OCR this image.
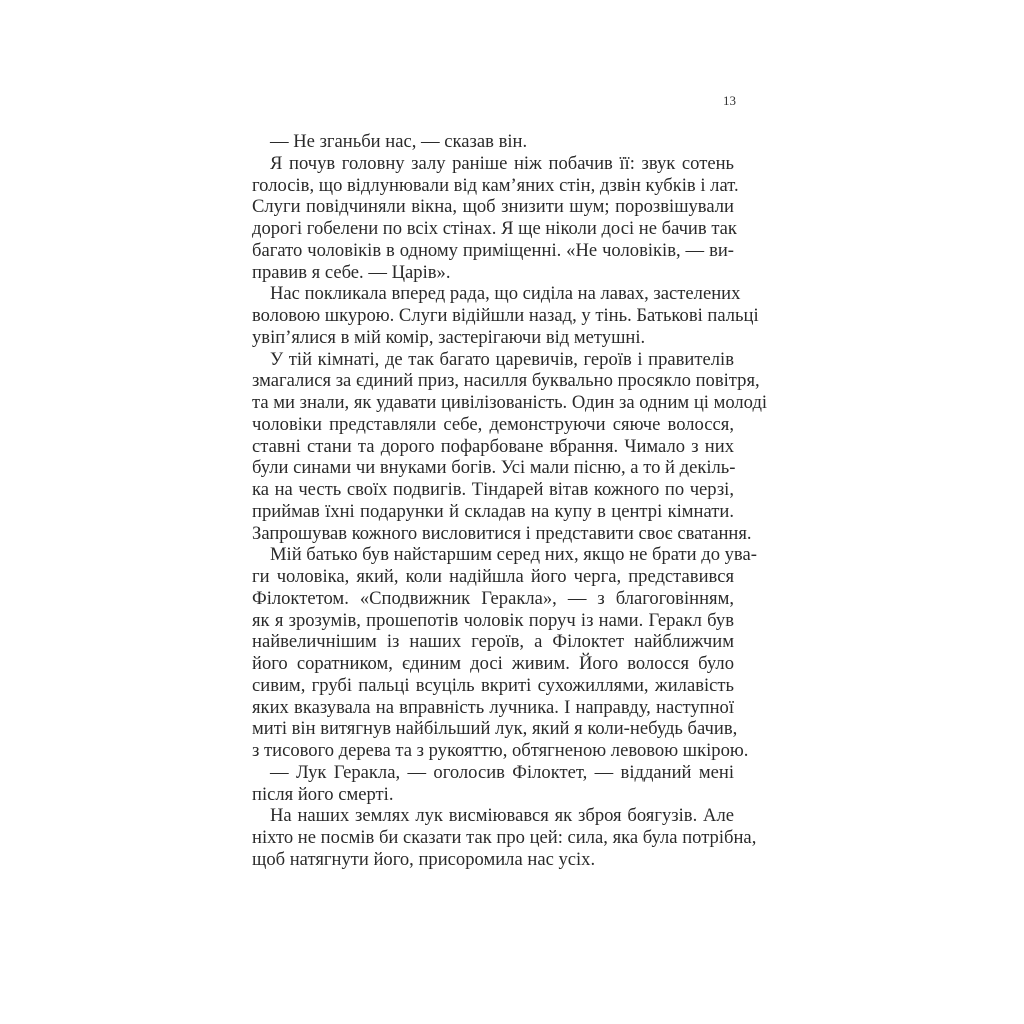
13
— Не зганьби нас, — сказав він.
Я почув головну залу раніше ніж побачив її: звук сотень
голосів, що відлунювали від кам’яних стін, дзвін кубків і лат.
Слуги повідчиняли вікна, щоб знизити шум; порозвішували
дорогі гобелени по всіх стінах. Я ще ніколи досі не бачив так
багато чоловіків в одному приміщенні. «Не чоловіків, — ви-
правив я себе. — Царів».
Нас покликала вперед рада, що сиділа на лавах, застелених
воловою шкурою. Слуги відійшли назад, у тінь. Батькові пальці
увіп’ялися в мій комір, застерігаючи від метушні.
У тій кімнаті, де так багато царевичів, героїв і правителів
змагалися за єдиний приз, насилля буквально просякло повітря,
та ми знали, як удавати цивілізованість. Один за одним ці молоді
чоловіки представляли себе, демонструючи сяюче волосся,
ставні стани та дорого пофарбоване вбрання. Чимало з них
були синами чи внуками богів. Усі мали пісню, а то й декіль-
ка на честь своїх подвигів. Тіндарей вітав кожного по черзі,
приймав їхні подарунки й складав на купу в центрі кімнати.
Запрошував кожного висловитися і представити своє сватання.
Мій батько був найстаршим серед них, якщо не брати до ува-
ги чоловіка, який, коли надійшла його черга, представився
Філоктетом. «Сподвижник Геракла», — з благоговінням,
як я зрозумів, прошепотів чоловік поруч із нами. Геракл був
найвеличнішим із наших героїв, а Філоктет найближчим
його соратником, єдиним досі живим. Його волосся було
сивим, грубі пальці всуціль вкриті сухожиллями, жилавість
яких вказувала на вправність лучника. І направду, наступної
миті він витягнув найбільший лук, який я коли-небудь бачив,
з тисового дерева та з рукояттю, обтягненою левовою шкірою.
— Лук Геракла, — оголосив Філоктет, — відданий мені
після його смерті.
На наших землях лук висміювався як зброя боягузів. Але
ніхто не посмів би сказати так про цей: сила, яка була потрібна,
щоб натягнути його, присоромила нас усіх.
